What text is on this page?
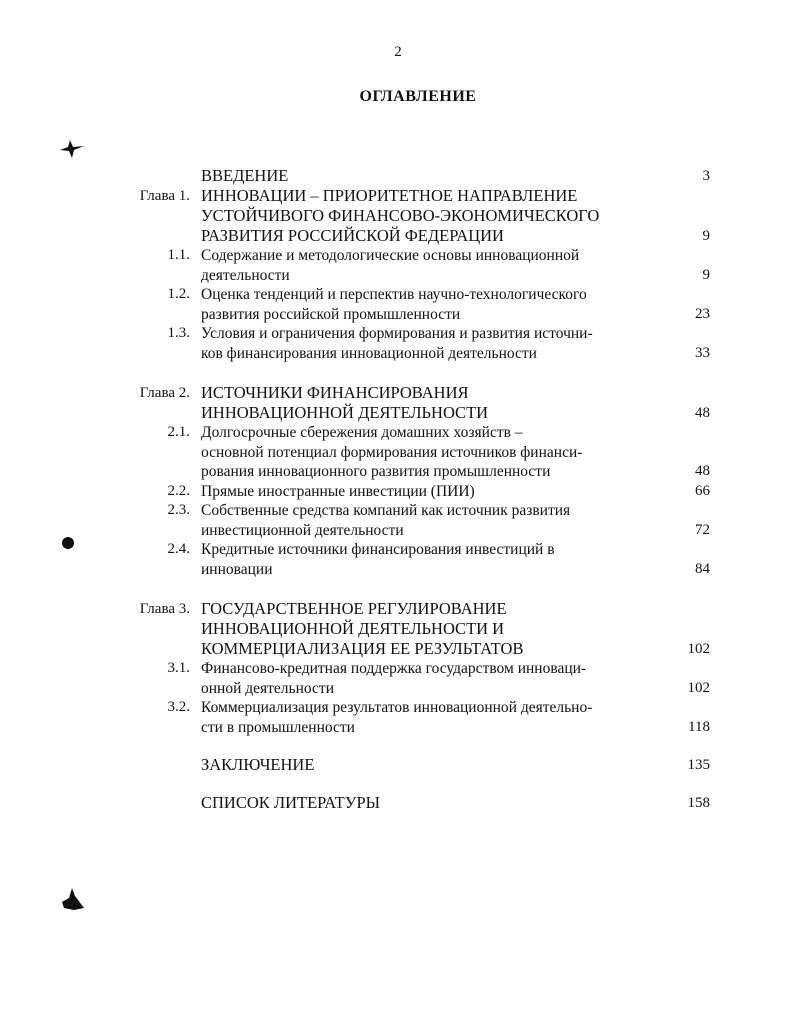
2
ОГЛАВЛЕНИЕ
ВВЕДЕНИЕ	3
Глава 1. ИННОВАЦИИ – ПРИОРИТЕТНОЕ НАПРАВЛЕНИЕ
УСТОЙЧИВОГО ФИНАНСОВО-ЭКОНОМИЧЕСКОГО
РАЗВИТИЯ РОССИЙСКОЙ ФЕДЕРАЦИИ	9
1.1. Содержание и методологические основы инновационной
деятельности	9
1.2. Оценка тенденций и перспектив научно-технологического
развития российской промышленности	23
1.3. Условия и ограничения формирования и развития источни-
ков финансирования инновационной деятельности	33
Глава 2. ИСТОЧНИКИ ФИНАНСИРОВАНИЯ
ИННОВАЦИОННОЙ ДЕЯТЕЛЬНОСТИ	48
2.1. Долгосрочные сбережения домашних хозяйств –
основной потенциал формирования источников финанси-
рования инновационного развития промышленности	48
2.2. Прямые иностранные инвестиции (ПИИ)	66
2.3. Собственные средства компаний как источник развития
инвестиционной деятельности	72
2.4. Кредитные источники финансирования инвестиций в
инновации	84
Глава 3. ГОСУДАРСТВЕННОЕ РЕГУЛИРОВАНИЕ
ИННОВАЦИОННОЙ ДЕЯТЕЛЬНОСТИ И
КОММЕРЦИАЛИЗАЦИЯ ЕЕ РЕЗУЛЬТАТОВ	102
3.1. Финансово-кредитная поддержка государством инноваци-
онной деятельности	102
3.2. Коммерциализация результатов инновационной деятельно-
сти в промышленности	118
ЗАКЛЮЧЕНИЕ	135
СПИСОК ЛИТЕРАТУРЫ	158
